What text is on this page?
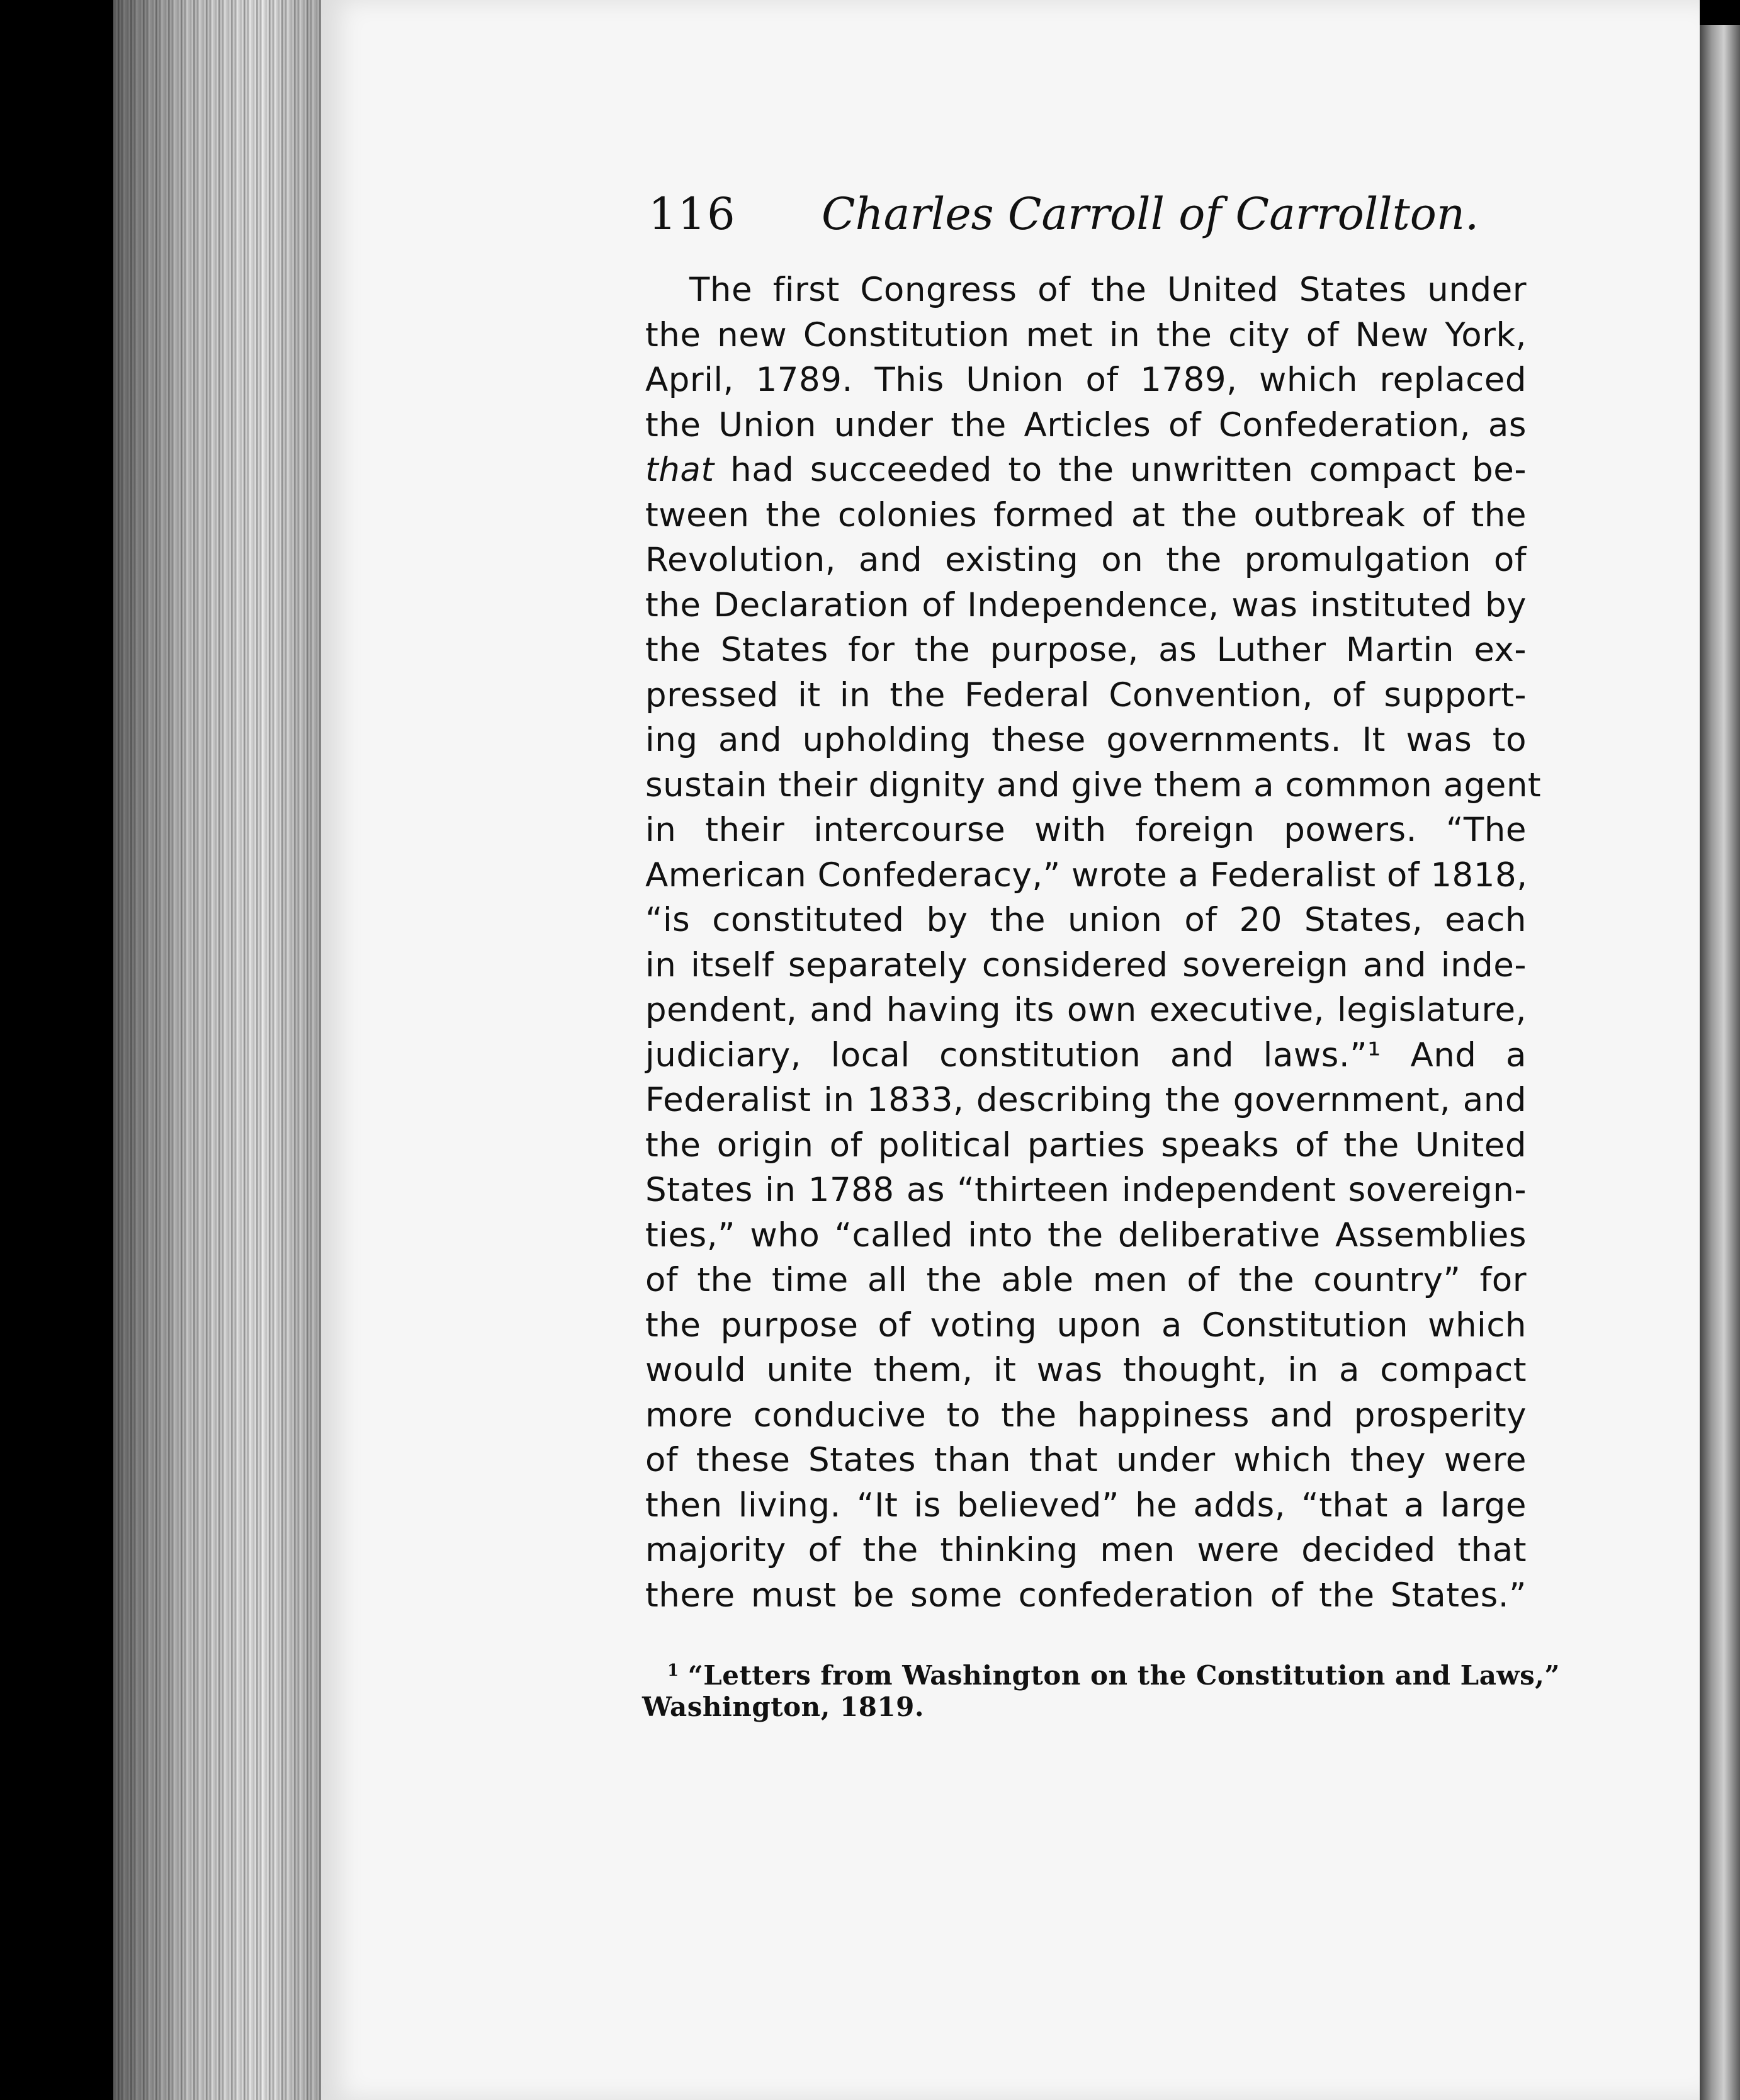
116 Charles Carroll of Carrollton.
The first Congress of the United States under
the new Constitution met in the city of New York,
April, 1789. This Union of 1789, which replaced
the Union under the Articles of Confederation, as
that had succeeded to the unwritten compact be-
tween the colonies formed at the outbreak of the
Revolution, and existing on the promulgation of
the Declaration of Independence, was instituted by
the States for the purpose, as Luther Martin ex-
pressed it in the Federal Convention, of support-
ing and upholding these governments. It was to
sustain their dignity and give them a common agent
in their intercourse with foreign powers. “The
American Confederacy,” wrote a Federalist of 1818,
“is constituted by the union of 20 States, each
in itself separately considered sovereign and inde-
pendent, and having its own executive, legislature,
judiciary, local constitution and laws.”¹ And a
Federalist in 1833, describing the government, and
the origin of political parties speaks of the United
States in 1788 as “thirteen independent sovereign-
ties,” who “called into the deliberative Assemblies
of the time all the able men of the country” for
the purpose of voting upon a Constitution which
would unite them, it was thought, in a compact
more conducive to the happiness and prosperity
of these States than that under which they were
then living. “It is believed” he adds, “that a large
majority of the thinking men were decided that
there must be some confederation of the States.”
$^1$ “Letters from Washington on the Constitution and Laws,”
Washington, 1819.
